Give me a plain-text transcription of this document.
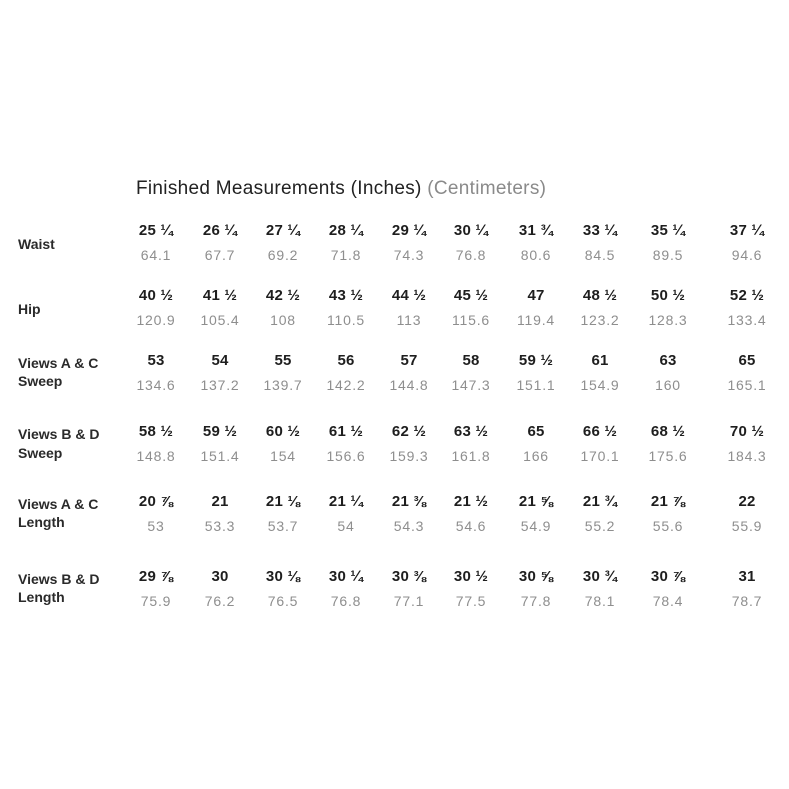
Finished Measurements (Inches) (Centimeters)
Waist
25 ¼
64.1
26 ¼
67.7
27 ¼
69.2
28 ¼
71.8
29 ¼
74.3
30 ¼
76.8
31 ¾
80.6
33 ¼
84.5
35 ¼
89.5
37 ¼
94.6
Hip
40 ½
120.9
41 ½
105.4
42 ½
108
43 ½
110.5
44 ½
113
45 ½
115.6
47
119.4
48 ½
123.2
50 ½
128.3
52 ½
133.4
Views A & C
Sweep
53
134.6
54
137.2
55
139.7
56
142.2
57
144.8
58
147.3
59 ½
151.1
61
154.9
63
160
65
165.1
Views B & D
Sweep
58 ½
148.8
59 ½
151.4
60 ½
154
61 ½
156.6
62 ½
159.3
63 ½
161.8
65
166
66 ½
170.1
68 ½
175.6
70 ½
184.3
Views A & C
Length
20 ⅞
53
21
53.3
21 ⅛
53.7
21 ¼
54
21 ⅜
54.3
21 ½
54.6
21 ⅝
54.9
21 ¾
55.2
21 ⅞
55.6
22
55.9
Views B & D
Length
29 ⅞
75.9
30
76.2
30 ⅛
76.5
30 ¼
76.8
30 ⅜
77.1
30 ½
77.5
30 ⅝
77.8
30 ¾
78.1
30 ⅞
78.4
31
78.7
